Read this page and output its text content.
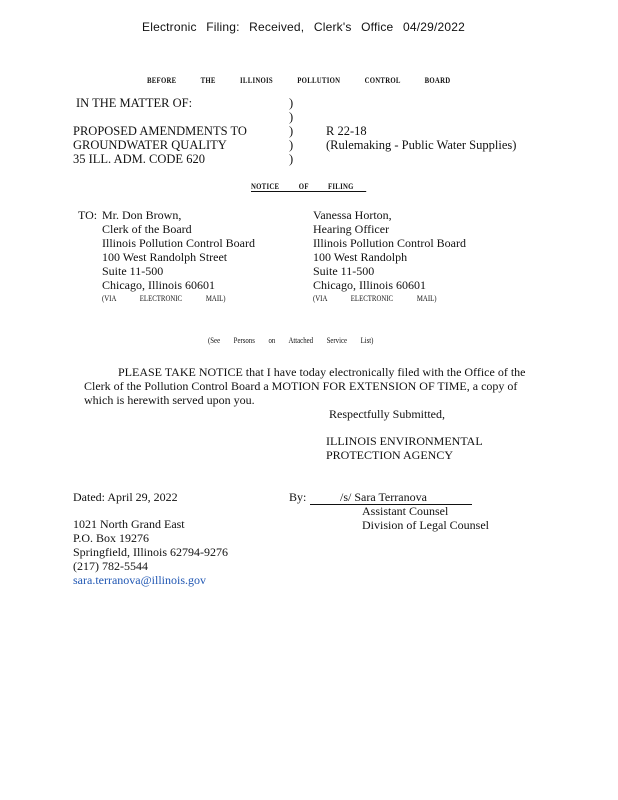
Electronic Filing: Received, Clerk's Office 04/29/2022
BEFORE THE ILLINOIS POLLUTION CONTROL BOARD
IN THE MATTER OF:
PROPOSED AMENDMENTS TO
GROUNDWATER QUALITY
35 ILL. ADM. CODE 620
)
)
)
)
)
R 22-18
(Rulemaking - Public Water Supplies)
NOTICE OF FILING
TO: Mr. Don Brown,
Clerk of the Board
Illinois Pollution Control Board
100 West Randolph Street
Suite 11-500
Chicago, Illinois 60601
(VIA ELECTRONIC MAIL)
Vanessa Horton,
Hearing Officer
Illinois Pollution Control Board
100 West Randolph
Suite 11-500
Chicago, Illinois 60601
(VIA ELECTRONIC MAIL)
(See Persons on Attached Service List)
PLEASE TAKE NOTICE that I have today electronically filed with the Office of the
Clerk of the Pollution Control Board a MOTION FOR EXTENSION OF TIME, a copy of
which is herewith served upon you.
Respectfully Submitted,
ILLINOIS ENVIRONMENTAL
PROTECTION AGENCY
Dated: April 29, 2022	By:	/s/ Sara Terranova
Assistant Counsel
Division of Legal Counsel
1021 North Grand East
P.O. Box 19276
Springfield, Illinois 62794-9276
(217) 782-5544
sara.terranova@illinois.gov
